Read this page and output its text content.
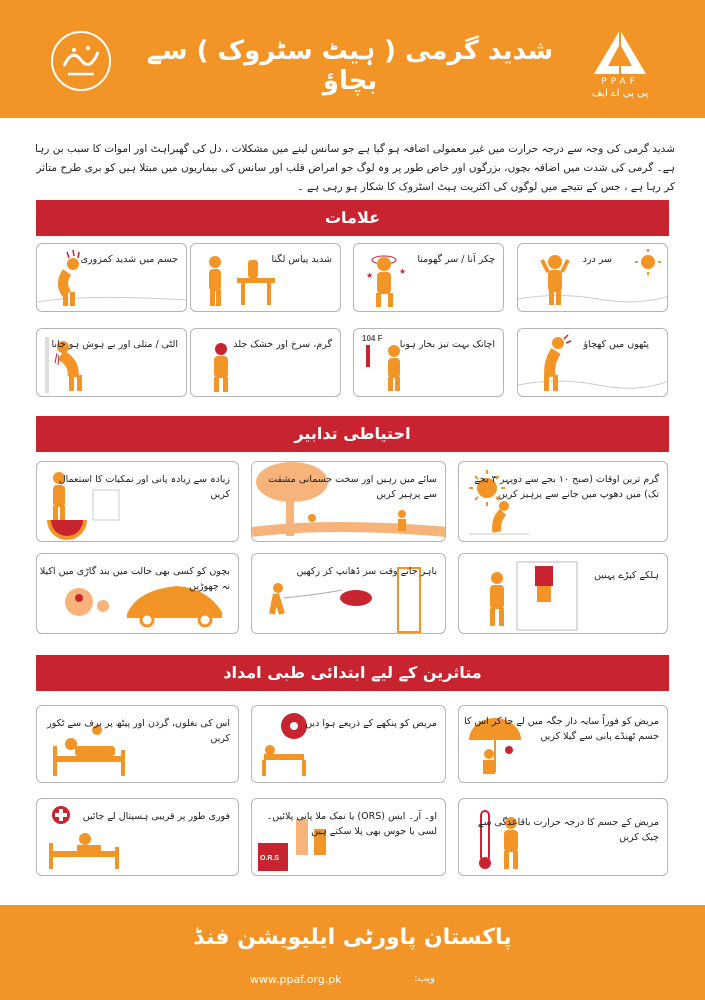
شدید گرمی ( ہیٹ سٹروک ) سے بچاؤ	PPAF
پی پی اے ایف
شدید گرمی کی وجہ سے درجہ حرارت میں غیر معمولی اضافہ ہو گیا ہے جو سانس لینے میں مشکلات ، دل کی گھبراہٹ اور اموات کا سبب بن رہا ہے۔ گرمی کی شدت میں اضافہ بچوں، بزرگوں اور خاص طور پر وہ لوگ جو امراض قلب اور سانس کی بیماریوں میں مبتلا ہیں کو بری طرح متاثر کر رہا ہے ، جس کے نتیجے میں لوگوں کی اکثریت ہیٹ اسٹروک کا شکار ہو رہی ہے ۔
علامات
سر درد
★	★
چکر آنا / سر گھومنا
شدید پیاس لگنا
جسم میں شدید کمزوری
پٹھوں میں کھچاؤ
104 F
اچانک بہت تیز بخار ہونا
گرم، سرخ اور خشک جلد
الٹی / متلی اور بے ہوش ہو جانا
احتیاطی تدابیر
گرم ترین اوقات (صبح ۱۰ بجے سے دوپہر ۳ بجے تک) میں دھوپ میں جانے سے پرہیز کریں
سائے میں رہیں اور سخت جسمانی مشقت سے پرہیز کریں
زیادہ سے زیادہ پانی اور نمکیات کا استعمال کریں
ہلکے کپڑے پہنیں
باہر جاتے وقت سر ڈھانپ کر رکھیں
بچوں کو کسی بھی حالت میں بند گاڑی میں اکیلا نہ چھوڑیں
متاثرین کے لیے ابتدائی طبی امداد
مریض کو فوراً سایہ دار جگہ میں لے جا کر اس کا جسم ٹھنڈے پانی سے گیلا کریں
مریض کو پنکھے کے ذریعے ہوا دیں
اس کی بغلوں، گردن اور پیٹھ پر برف سے ٹکور کریں
مریض کے جسم کا درجہ حرارت باقاعدگی سے چیک کریں
O.R.S
او۔ آر۔ ایس (ORS) یا نمک ملا پانی پلائیں۔ لسی یا جوس بھی پلا سکتے ہیں
فوری طور پر قریبی ہسپتال لے جائیں
پاکستان پاورٹی ایلیویشن فنڈ
ویب:
www.ppaf.org.pk
